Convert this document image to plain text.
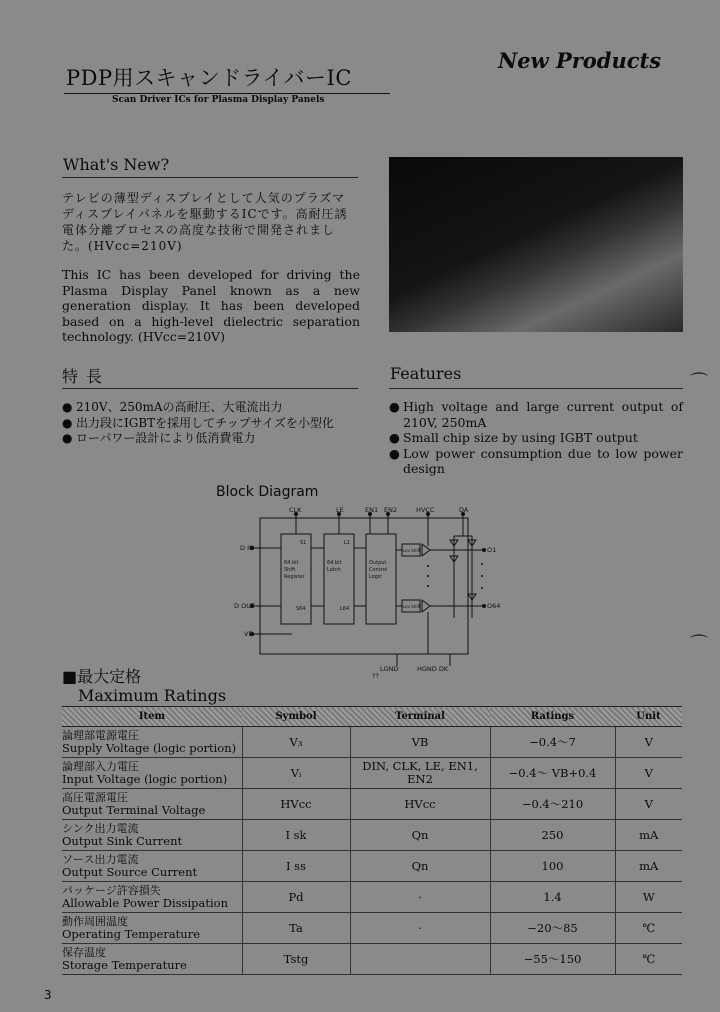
PDP用スキャンドライバーIC
Scan Driver ICs for Plasma Display Panels
New Products
What's New?
テレビの薄型ディスプレイとして人気のプラズマディスプレイパネルを駆動するICです。高耐圧誘電体分離プロセスの高度な技術で開発されました。(HVcc=210V)
This IC has been developed for driving the Plasma Display Panel known as a new generation display. It has been developed based on a high-level dielectric separation technology. (HVcc=210V)
特長	Features
● 210V、250mAの高耐圧、大電流出力
● 出力段にIGBTを採用してチップサイズを小型化
● ローパワー設計により低消費電力
● High voltage and large current output of 210V, 250mA
● Small chip size by using IGBT output
● Low power consumption due to low power design
Block Diagram
CLK	LE	EN1 EN2	HVCC	DA
D IN
D OUT
VB
LGND	HGND DK
O1
O64
??
64 bit
Shift
Register
64 bit
Latch
Output
Control
Logic
S1
S64
L1
L64
Lev Shift
Lev Shift
■最大定格
Maximum Ratings
Item	Symbol	Terminal	Ratings	Unit

論理部電源電圧
Supply Voltage (logic portion)	V₃	VB	−0.4～7	V

論理部入力電圧
Input Voltage (logic portion)	Vᵢ	DIN, CLK, LE, EN1, EN2	−0.4～ VB+0.4	V

高圧電源電圧
Output Terminal Voltage	HVcc	HVcc	−0.4～210	V

シンク出力電流
Output Sink Current	I sk	Qn	250	mA

ソース出力電流
Output Source Current	I ss	Qn	100	mA

パッケージ許容損失
Allowable Power Dissipation	Pd	·	1.4	W

動作周囲温度
Operating Temperature	Ta	·	−20～85	℃

保存温度
Storage Temperature	Tstg		−55～150	℃
3
⌒
⌒
